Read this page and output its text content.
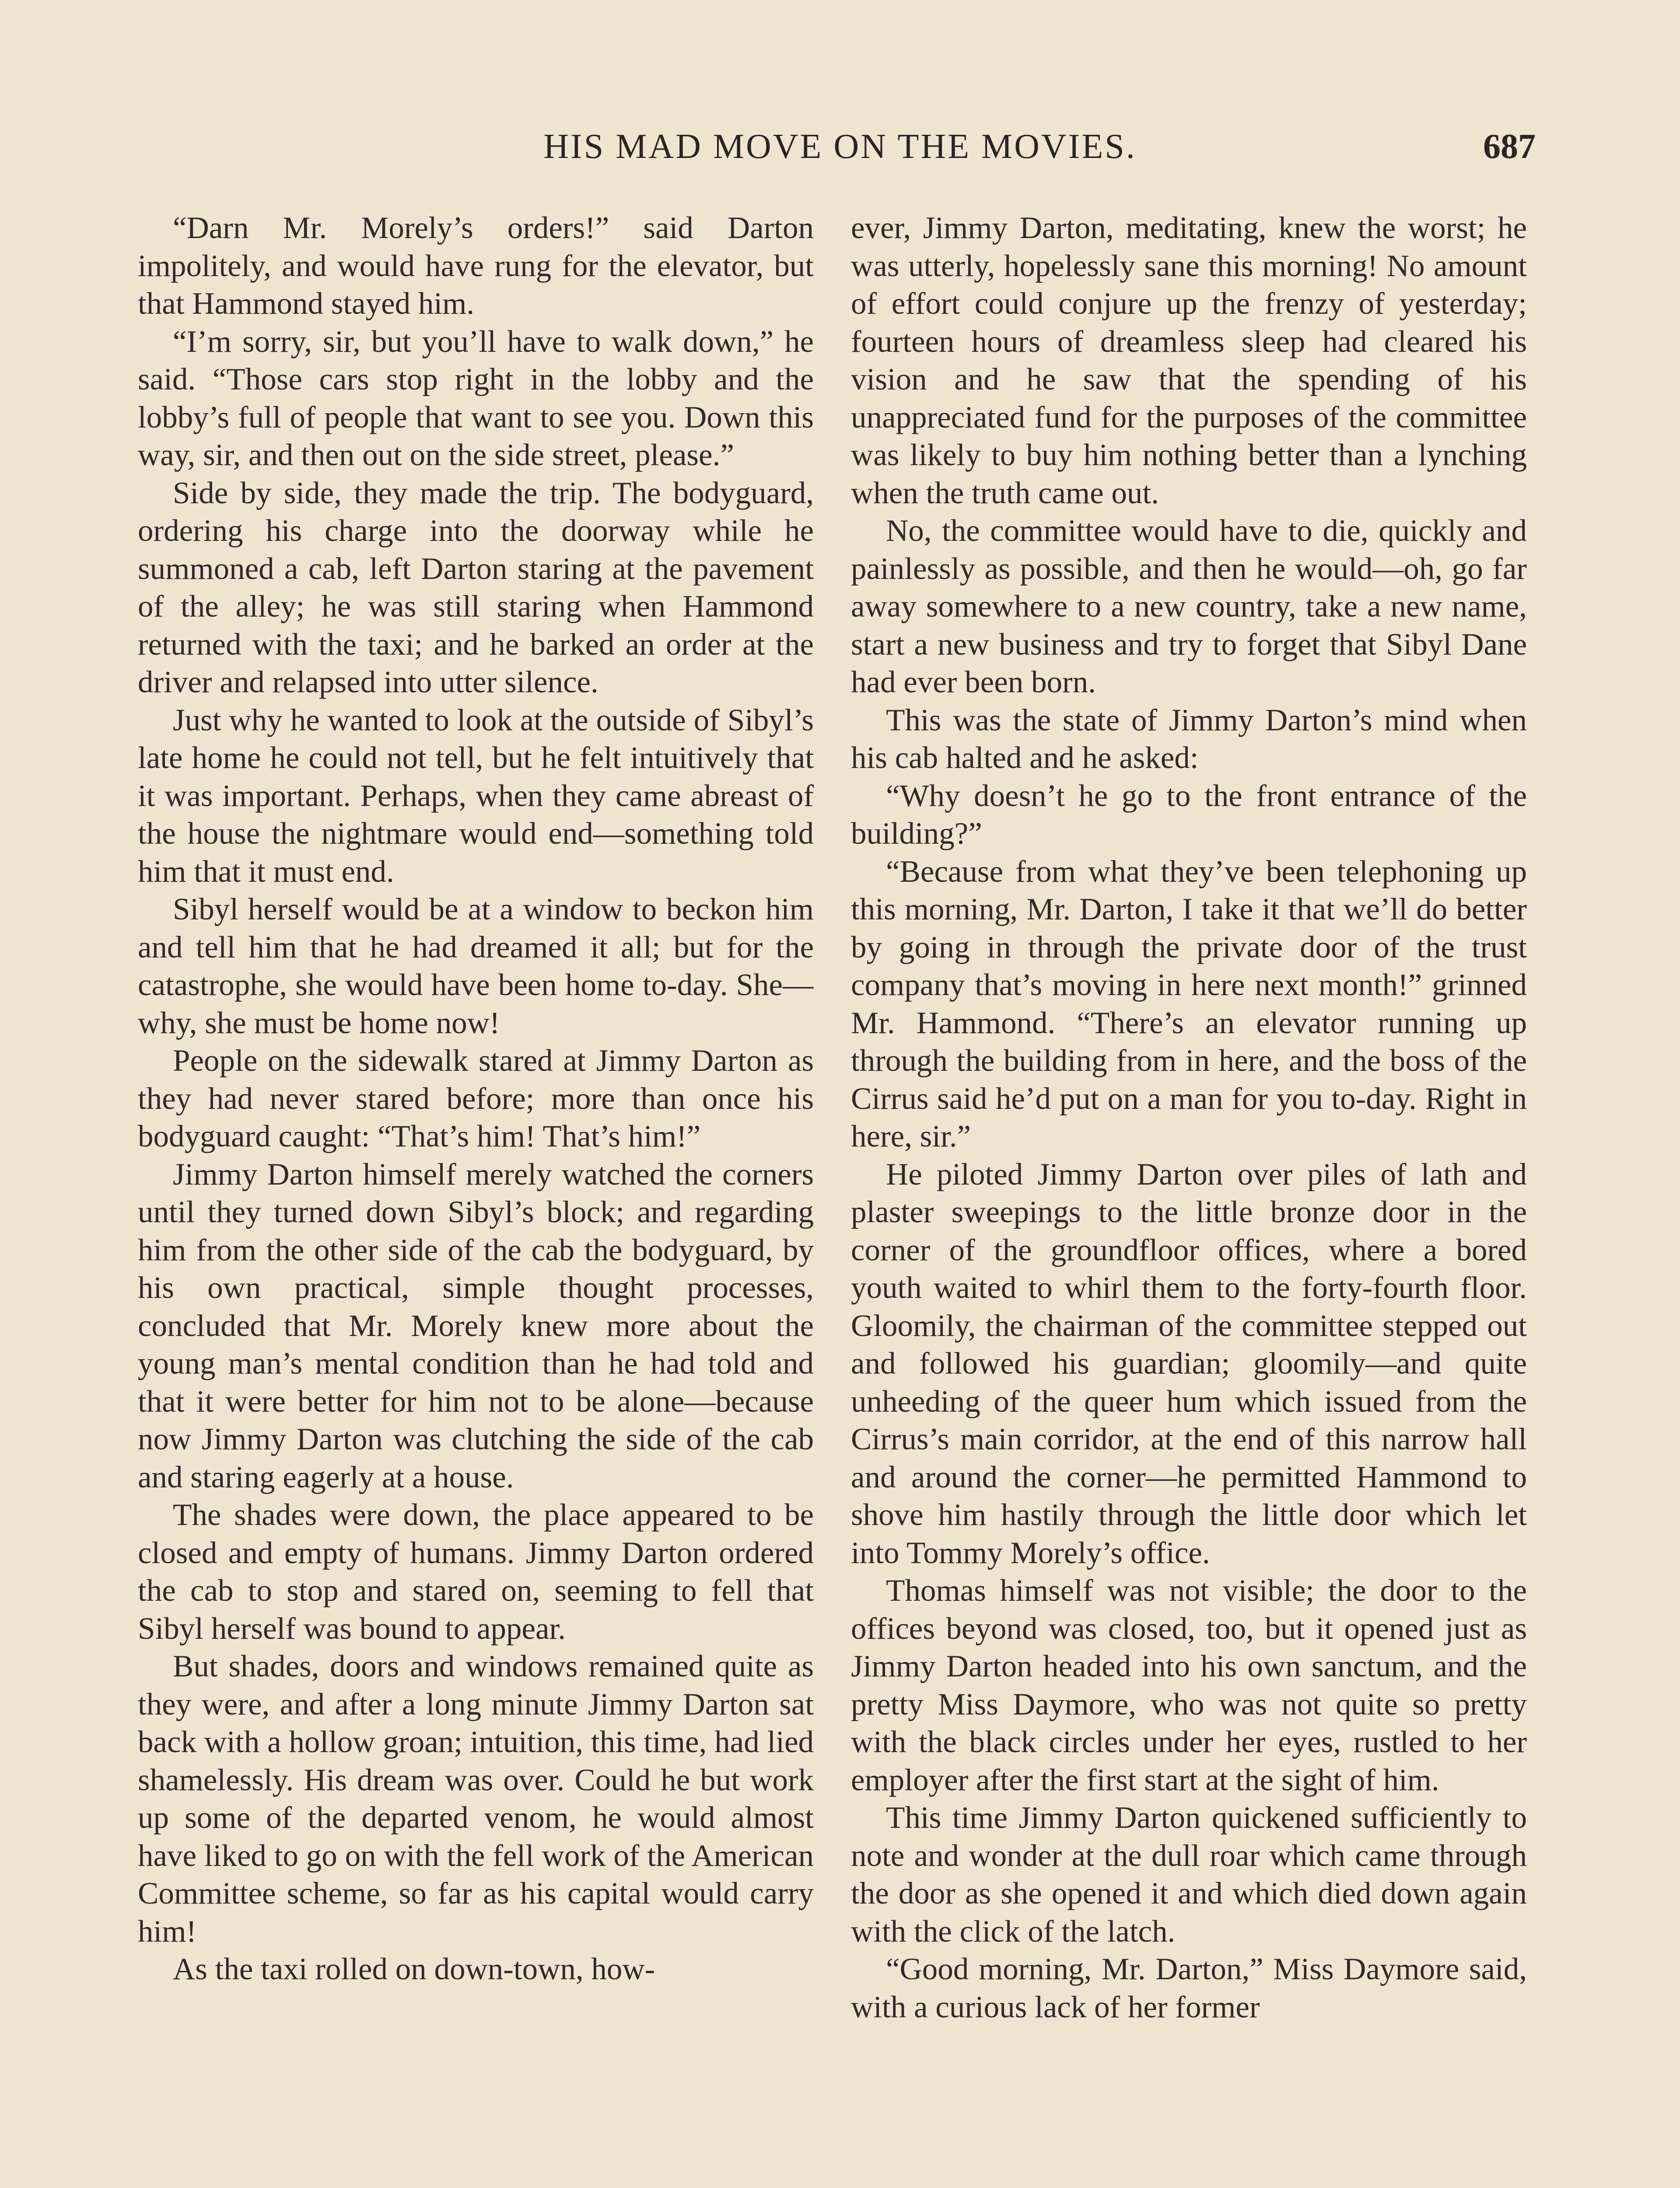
HIS MAD MOVE ON THE MOVIES.	687

“Darn Mr. Morely’s orders!” said Darton impolitely, and would have rung for the elevator, but that Hammond stayed him.

“I’m sorry, sir, but you’ll have to walk down,” he said. “Those cars stop right in the lobby and the lobby’s full of people that want to see you. Down this way, sir, and then out on the side street, please.”

Side by side, they made the trip. The bodyguard, ordering his charge into the doorway while he summoned a cab, left Darton staring at the pavement of the alley; he was still staring when Hammond returned with the taxi; and he barked an order at the driver and relapsed into utter silence.

Just why he wanted to look at the outside of Sibyl’s late home he could not tell, but he felt intuitively that it was important. Perhaps, when they came abreast of the house the nightmare would end—something told him that it must end.

Sibyl herself would be at a window to beckon him and tell him that he had dreamed it all; but for the catastrophe, she would have been home to-day. She—why, she must be home now!

People on the sidewalk stared at Jimmy Darton as they had never stared before; more than once his bodyguard caught: “That’s him! That’s him!”

Jimmy Darton himself merely watched the corners until they turned down Sibyl’s block; and regarding him from the other side of the cab the bodyguard, by his own practical, simple thought processes, concluded that Mr. Morely knew more about the young man’s mental condition than he had told and that it were better for him not to be alone—because now Jimmy Darton was clutching the side of the cab and staring eagerly at a house.

The shades were down, the place appeared to be closed and empty of humans. Jimmy Darton ordered the cab to stop and stared on, seeming to fell that Sibyl herself was bound to appear.

But shades, doors and windows remained quite as they were, and after a long minute Jimmy Darton sat back with a hollow groan; intuition, this time, had lied shamelessly. His dream was over. Could he but work up some of the departed venom, he would almost have liked to go on with the fell work of the American Committee scheme, so far as his capital would carry him!

As the taxi rolled on down-town, how-

ever, Jimmy Darton, meditating, knew the worst; he was utterly, hopelessly sane this morning! No amount of effort could conjure up the frenzy of yesterday; fourteen hours of dreamless sleep had cleared his vision and he saw that the spending of his unappreciated fund for the purposes of the committee was likely to buy him nothing better than a lynching when the truth came out.

No, the committee would have to die, quickly and painlessly as possible, and then he would—oh, go far away somewhere to a new country, take a new name, start a new business and try to forget that Sibyl Dane had ever been born.

This was the state of Jimmy Darton’s mind when his cab halted and he asked:

“Why doesn’t he go to the front entrance of the building?”

“Because from what they’ve been telephoning up this morning, Mr. Darton, I take it that we’ll do better by going in through the private door of the trust company that’s moving in here next month!” grinned Mr. Hammond. “There’s an elevator running up through the building from in here, and the boss of the Cirrus said he’d put on a man for you to-day. Right in here, sir.”

He piloted Jimmy Darton over piles of lath and plaster sweepings to the little bronze door in the corner of the groundfloor offices, where a bored youth waited to whirl them to the forty-fourth floor. Gloomily, the chairman of the committee stepped out and followed his guardian; gloomily—and quite unheeding of the queer hum which issued from the Cirrus’s main corridor, at the end of this narrow hall and around the corner—he permitted Hammond to shove him hastily through the little door which let into Tommy Morely’s office.

Thomas himself was not visible; the door to the offices beyond was closed, too, but it opened just as Jimmy Darton headed into his own sanctum, and the pretty Miss Daymore, who was not quite so pretty with the black circles under her eyes, rustled to her employer after the first start at the sight of him.

This time Jimmy Darton quickened sufficiently to note and wonder at the dull roar which came through the door as she opened it and which died down again with the click of the latch.

“Good morning, Mr. Darton,” Miss Daymore said, with a curious lack of her former
